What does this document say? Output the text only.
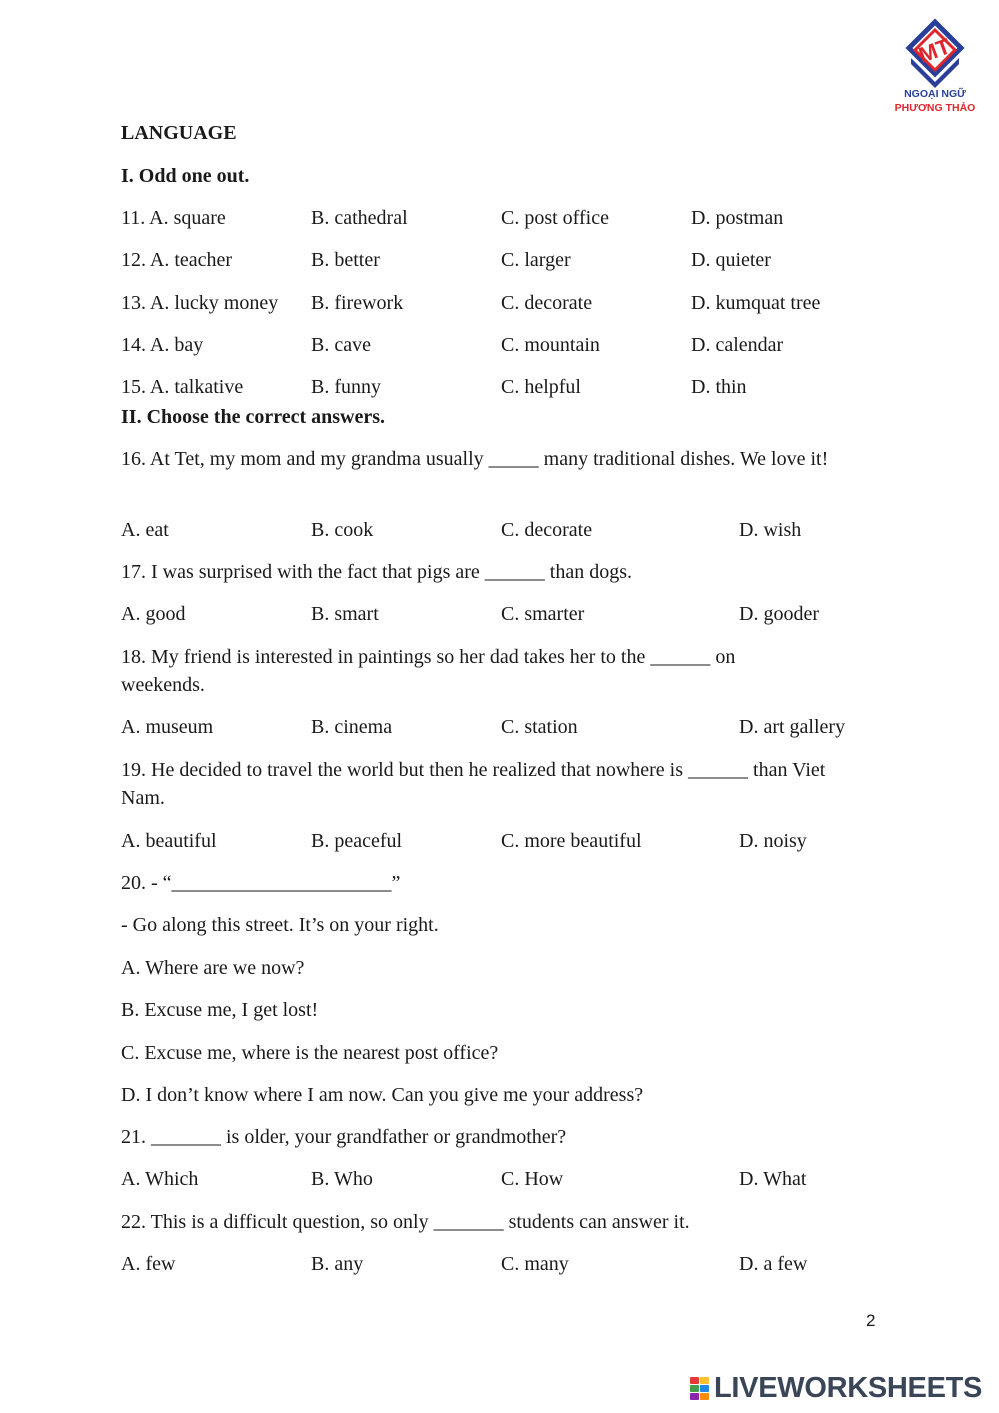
MT
NGOẠI NGỮ
PHƯƠNG THẢO
LANGUAGE
I. Odd one out.
11. A. square	B. cathedral	C. post office	D. postman
12. A. teacher	B. better	C. larger	D. quieter
13. A. lucky money B. firework	C. decorate	D. kumquat tree
14. A. bay	B. cave	C. mountain	D. calendar
15. A. talkative	B. funny	C. helpful	D. thin
II. Choose the correct answers.
16. At Tet, my mom and my grandma usually _____ many traditional dishes. We love it!
A. eat	B. cook	C. decorate	D. wish
17. I was surprised with the fact that pigs are ______ than dogs.
A. good	B. smart	C. smarter	D. gooder
18. My friend is interested in paintings so her dad takes her to the ______ on weekends.
A. museum	B. cinema	C. station	D. art gallery
19. He decided to travel the world but then he realized that nowhere is ______ than Viet Nam.
A. beautiful	B. peaceful	C. more beautiful	D. noisy
20. - “______________________”
- Go along this street. It’s on your right.
A. Where are we now?
B. Excuse me, I get lost!
C. Excuse me, where is the nearest post office?
D. I don’t know where I am now. Can you give me your address?
21. _______ is older, your grandfather or grandmother?
A. Which	B. Who	C. How	D. What
22. This is a difficult question, so only _______ students can answer it.
A. few	B. any	C. many	D. a few
2
LIVEWORKSHEETS
